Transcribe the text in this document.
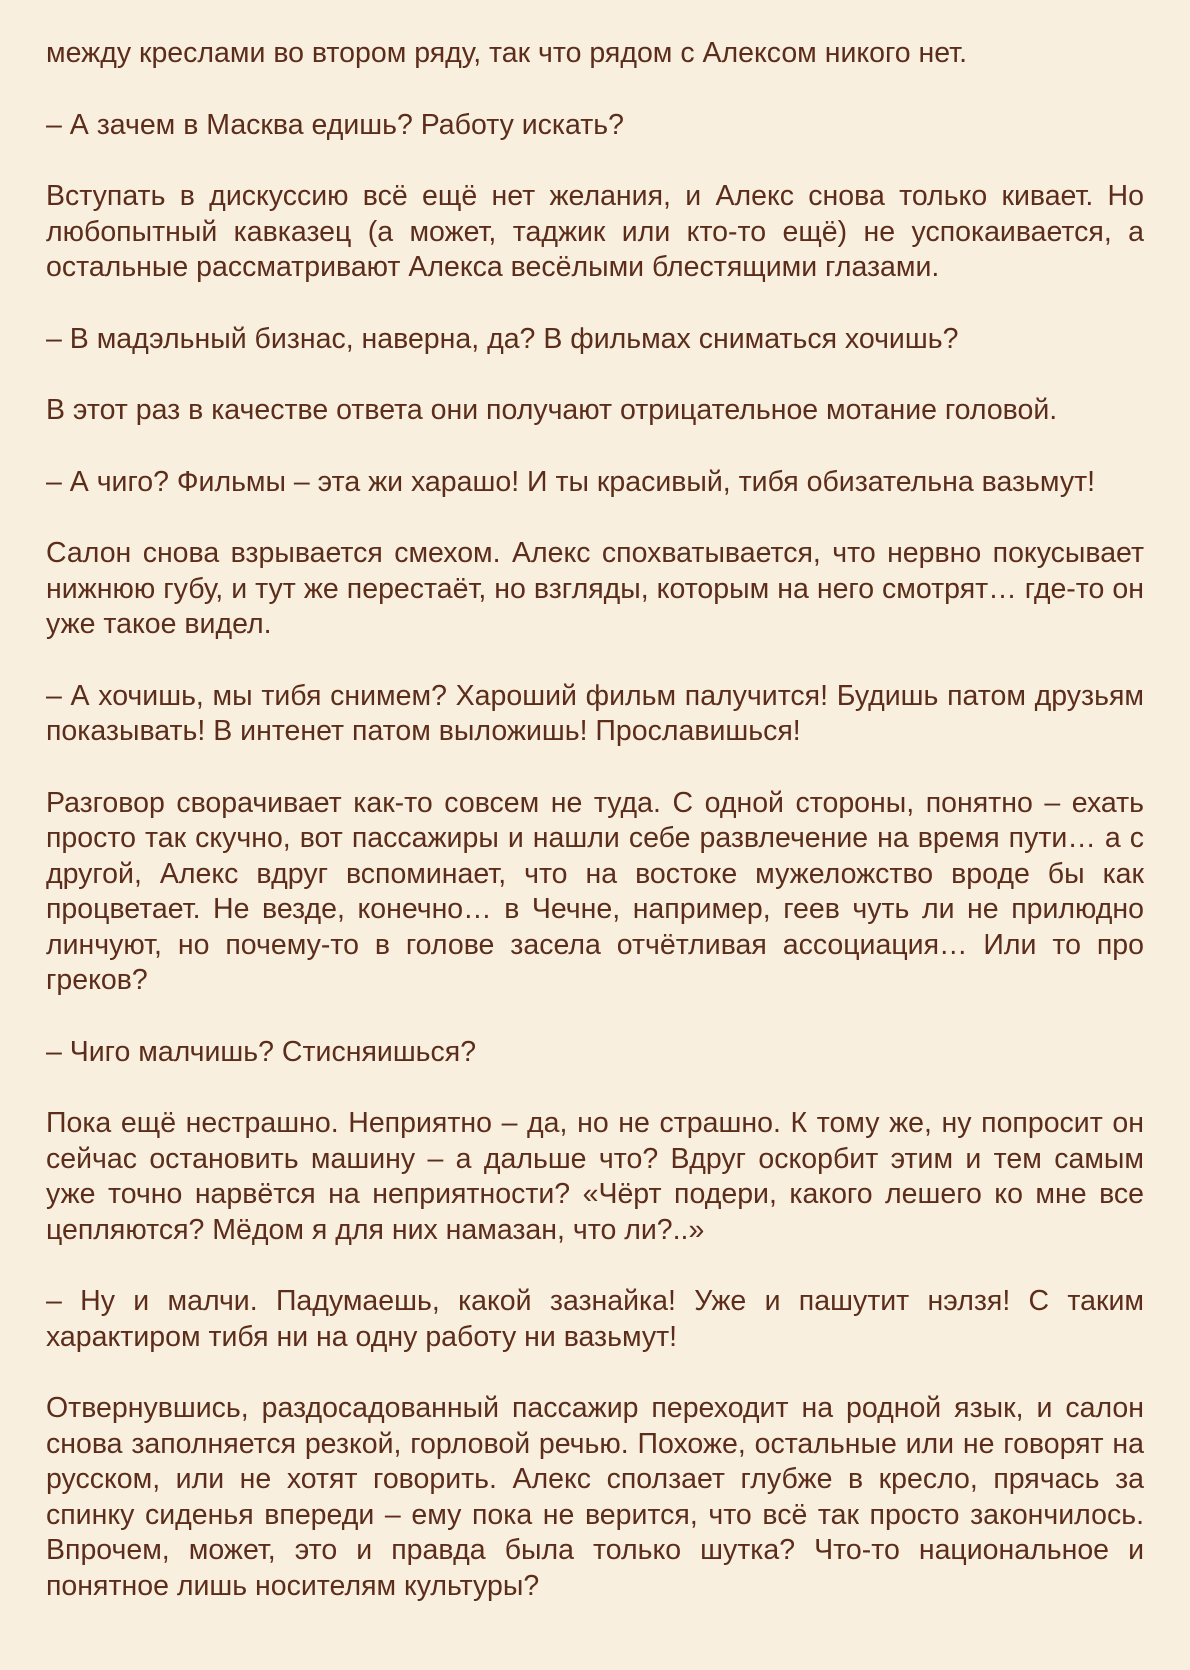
между креслами во втором ряду, так что рядом с Алексом никого нет.

– А зачем в Масква едишь? Работу искать?

Вступать в дискуссию всё ещё нет желания, и Алекс снова только кивает. Но любопытный кавказец (а может, таджик или кто-то ещё) не успокаивается, а остальные рассматривают Алекса весёлыми блестящими глазами.

– В мадэльный бизнас, наверна, да? В фильмах сниматься хочишь?

В этот раз в качестве ответа они получают отрицательное мотание головой.

– А чиго? Фильмы – эта жи харашо! И ты красивый, тибя обизательна вазьмут!

Салон снова взрывается смехом. Алекс спохватывается, что нервно покусывает нижнюю губу, и тут же перестаёт, но взгляды, которым на него смотрят… где-то он уже такое видел.

– А хочишь, мы тибя снимем? Хароший фильм палучится! Будишь патом друзьям показывать! В интенет патом выложишь! Прославишься!

Разговор сворачивает как-то совсем не туда. С одной стороны, понятно – ехать просто так скучно, вот пассажиры и нашли себе развлечение на время пути… а с другой, Алекс вдруг вспоминает, что на востоке мужеложство вроде бы как процветает. Не везде, конечно… в Чечне, например, геев чуть ли не прилюдно линчуют, но почему-то в голове засела отчётливая ассоциация… Или то про греков?

– Чиго малчишь? Стисняишься?

Пока ещё нестрашно. Неприятно – да, но не страшно. К тому же, ну попросит он сейчас остановить машину – а дальше что? Вдруг оскорбит этим и тем самым уже точно нарвётся на неприятности? «Чёрт подери, какого лешего ко мне все цепляются? Мёдом я для них намазан, что ли?..»

– Ну и малчи. Падумаешь, какой зазнайка! Уже и пашутит нэлзя! С таким характиром тибя ни на одну работу ни вазьмут!

Отвернувшись, раздосадованный пассажир переходит на родной язык, и салон снова заполняется резкой, горловой речью. Похоже, остальные или не говорят на русском, или не хотят говорить. Алекс сползает глубже в кресло, прячась за спинку сиденья впереди – ему пока не верится, что всё так просто закончилось. Впрочем, может, это и правда была только шутка? Что-то национальное и понятное лишь носителям культуры?
